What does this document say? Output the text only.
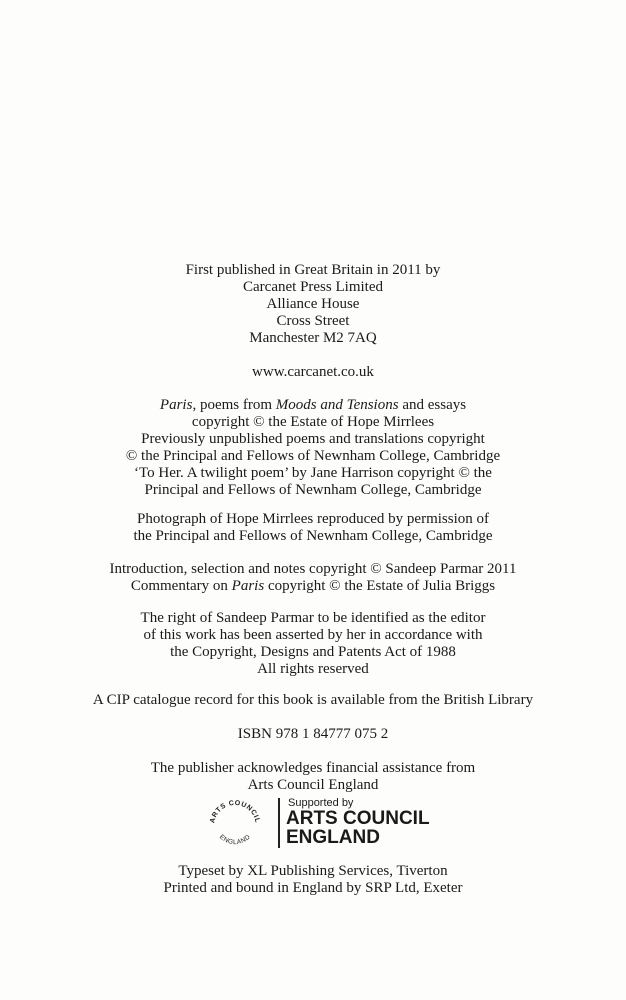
First published in Great Britain in 2011 by
Carcanet Press Limited
Alliance House
Cross Street
Manchester M2 7AQ
www.carcanet.co.uk
Paris, poems from Moods and Tensions and essays
copyright © the Estate of Hope Mirrlees
Previously unpublished poems and translations copyright
© the Principal and Fellows of Newnham College, Cambridge
‘To Her. A twilight poem’ by Jane Harrison copyright © the
Principal and Fellows of Newnham College, Cambridge
Photograph of Hope Mirrlees reproduced by permission of
the Principal and Fellows of Newnham College, Cambridge
Introduction, selection and notes copyright © Sandeep Parmar 2011
Commentary on Paris copyright © the Estate of Julia Briggs
The right of Sandeep Parmar to be identified as the editor
of this work has been asserted by her in accordance with
the Copyright, Designs and Patents Act of 1988
All rights reserved
A CIP catalogue record for this book is available from the British Library
ISBN 978 1 84777 075 2
The publisher acknowledges financial assistance from
Arts Council England
ARTS COUNCIL
ENGLAND
Supported by
ARTS COUNCIL
ENGLAND
Typeset by XL Publishing Services, Tiverton
Printed and bound in England by SRP Ltd, Exeter
